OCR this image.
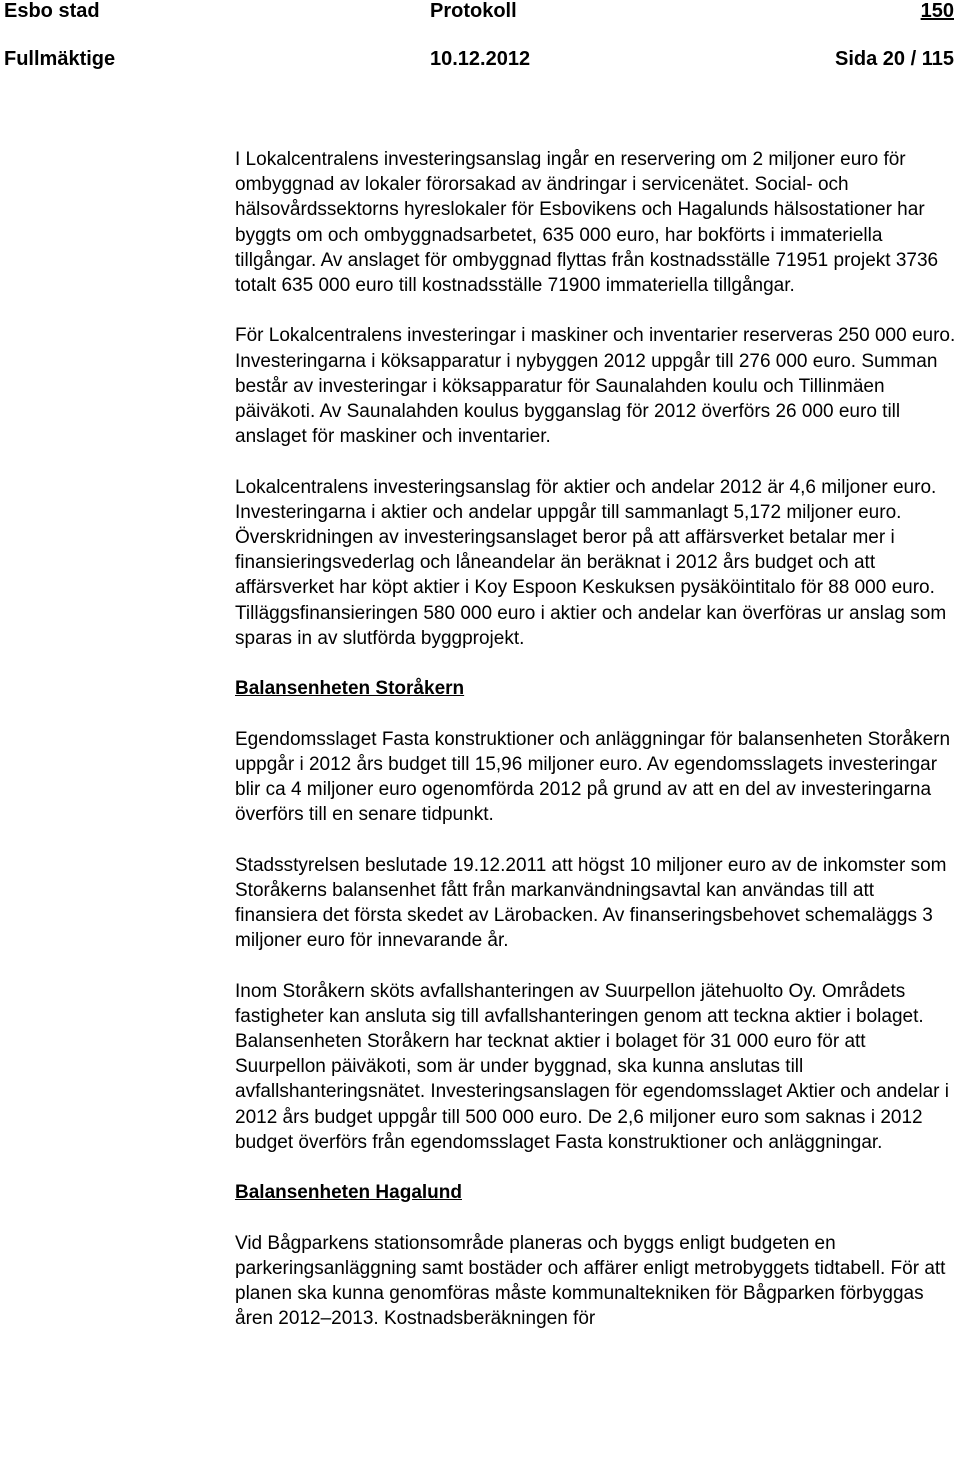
Esbo stad	Protokoll	150
Fullmäktige	10.12.2012	Sida 20 / 115

I Lokalcentralens investeringsanslag ingår en reservering om 2 miljoner euro för ombyggnad av lokaler förorsakad av ändringar i servicenätet. Social- och hälsovårdssektorns hyreslokaler för Esbovikens och Hagalunds hälsostationer har byggts om och ombyggnadsarbetet, 635 000 euro, har bokförts i immateriella tillgångar. Av anslaget för ombyggnad flyttas från kostnadsställe 71951 projekt 3736 totalt 635 000 euro till kostnadsställe 71900 immateriella tillgångar.

För Lokalcentralens investeringar i maskiner och inventarier reserveras 250 000 euro. Investeringarna i köksapparatur i nybyggen 2012 uppgår till 276 000 euro. Summan består av investeringar i köksapparatur för Saunalahden koulu och Tillinmäen päiväkoti. Av Saunalahden koulus bygganslag för 2012 överförs 26 000 euro till anslaget för maskiner och inventarier.

Lokalcentralens investeringsanslag för aktier och andelar 2012 är 4,6 miljoner euro. Investeringarna i aktier och andelar uppgår till sammanlagt 5,172 miljoner euro. Överskridningen av investeringsanslaget beror på att affärsverket betalar mer i finansieringsvederlag och låneandelar än beräknat i 2012 års budget och att affärsverket har köpt aktier i Koy Espoon Keskuksen pysäköintitalo för 88 000 euro. Tilläggsfinansieringen 580 000 euro i aktier och andelar kan överföras ur anslag som sparas in av slutförda byggprojekt.

Balansenheten Storåkern

Egendomsslaget Fasta konstruktioner och anläggningar för balansenheten Storåkern uppgår i 2012 års budget till 15,96 miljoner euro. Av egendomsslagets investeringar blir ca 4 miljoner euro ogenomförda 2012 på grund av att en del av investeringarna överförs till en senare tidpunkt.

Stadsstyrelsen beslutade 19.12.2011 att högst 10 miljoner euro av de inkomster som Storåkerns balansenhet fått från markanvändningsavtal kan användas till att finansiera det första skedet av Lärobacken. Av finanseringsbehovet schemaläggs 3 miljoner euro för innevarande år.

Inom Storåkern sköts avfallshanteringen av Suurpellon jätehuolto Oy. Områdets fastigheter kan ansluta sig till avfallshanteringen genom att teckna aktier i bolaget. Balansenheten Storåkern har tecknat aktier i bolaget för 31 000 euro för att Suurpellon päiväkoti, som är under byggnad, ska kunna anslutas till avfallshanteringsnätet. Investeringsanslagen för egendomsslaget Aktier och andelar i 2012 års budget uppgår till 500 000 euro. De 2,6 miljoner euro som saknas i 2012 budget överförs från egendomsslaget Fasta konstruktioner och anläggningar.

Balansenheten Hagalund

Vid Bågparkens stationsområde planeras och byggs enligt budgeten en parkeringsanläggning samt bostäder och affärer enligt metrobyggets tidtabell. För att planen ska kunna genomföras måste kommunaltekniken för Bågparken förbyggas åren 2012–2013. Kostnadsberäkningen för
